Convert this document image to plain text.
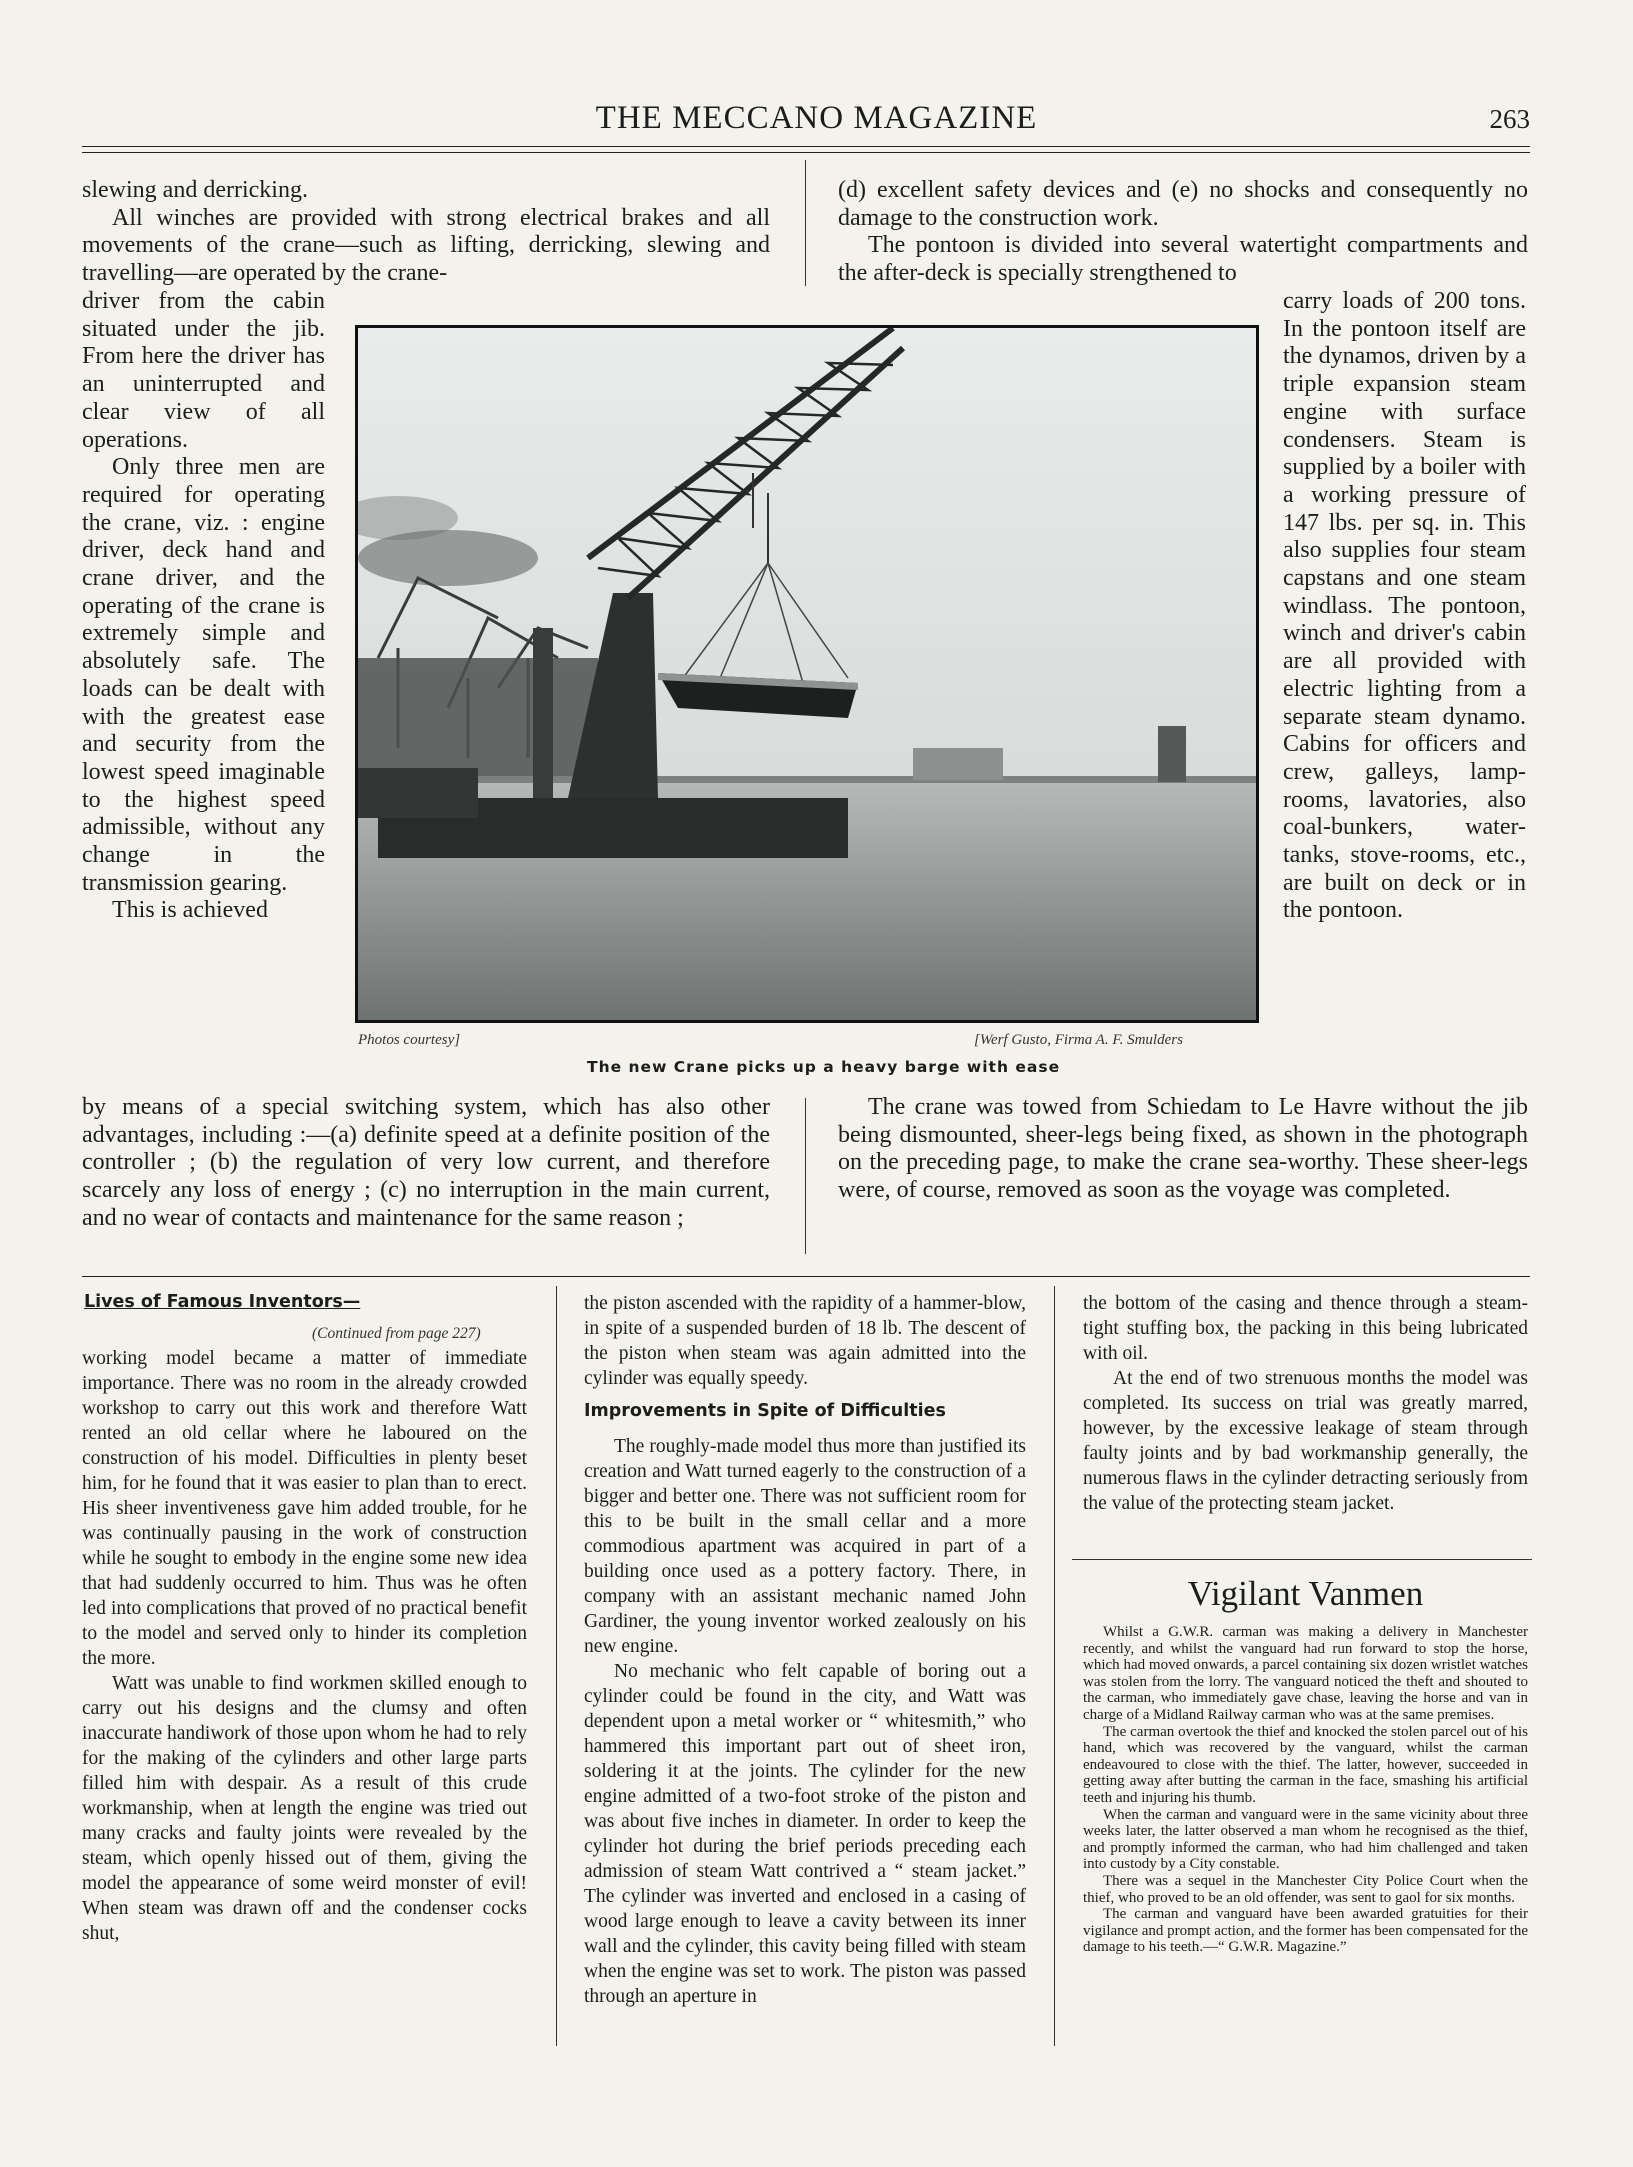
THE MECCANO MAGAZINE	263

slewing and derricking.

All winches are provided with strong electrical brakes and all movements of the crane—such as lifting, derricking, slewing and travelling—are operated by the crane-

(d) excellent safety devices and (e) no shocks and consequently no damage to the construction work.

The pontoon is divided into several watertight compartments and the after-deck is specially strengthened to

driver from the cabin situated under the jib. From here the driver has an uninterrupted and clear view of all operations.

Only three men are required for operating the crane, viz. : engine driver, deck hand and crane driver, and the operating of the crane is extremely simple and absolutely safe. The loads can be dealt with with the greatest ease and security from the lowest speed imaginable to the highest speed admissible, without any change in the transmission gearing.

This is achieved

carry loads of 200 tons. In the pontoon itself are the dynamos, driven by a triple expansion steam engine with surface condensers. Steam is supplied by a boiler with a working pressure of 147 lbs. per sq. in. This also supplies four steam capstans and one steam windlass. The pontoon, winch and driver's cabin are all provided with electric lighting from a separate steam dynamo. Cabins for officers and crew, galleys, lamp-rooms, lavatories, also coal-bunkers, water-tanks, stove-rooms, etc., are built on deck or in the pontoon.

Photos courtesy]	[Werf Gusto, Firma A. F. Smulders
The new Crane picks up a heavy barge with ease

by means of a special switching system, which has also other advantages, including :—(a) definite speed at a definite position of the controller ; (b) the regulation of very low current, and therefore scarcely any loss of energy ; (c) no interruption in the main current, and no wear of contacts and maintenance for the same reason ;

The crane was towed from Schiedam to Le Havre without the jib being dismounted, sheer-legs being fixed, as shown in the photograph on the preceding page, to make the crane sea-worthy. These sheer-legs were, of course, removed as soon as the voyage was completed.

Lives of Famous Inventors—
(Continued from page 227)

working model became a matter of immediate importance. There was no room in the already crowded workshop to carry out this work and therefore Watt rented an old cellar where he laboured on the construction of his model. Difficulties in plenty beset him, for he found that it was easier to plan than to erect. His sheer inventiveness gave him added trouble, for he was continually pausing in the work of construction while he sought to embody in the engine some new idea that had suddenly occurred to him. Thus was he often led into complications that proved of no practical benefit to the model and served only to hinder its completion the more.

Watt was unable to find workmen skilled enough to carry out his designs and the clumsy and often inaccurate handiwork of those upon whom he had to rely for the making of the cylinders and other large parts filled him with despair. As a result of this crude workmanship, when at length the engine was tried out many cracks and faulty joints were revealed by the steam, which openly hissed out of them, giving the model the appearance of some weird monster of evil! When steam was drawn off and the condenser cocks shut,

the piston ascended with the rapidity of a hammer-blow, in spite of a suspended burden of 18 lb. The descent of the piston when steam was again admitted into the cylinder was equally speedy.

Improvements in Spite of Difficulties

The roughly-made model thus more than justified its creation and Watt turned eagerly to the construction of a bigger and better one. There was not sufficient room for this to be built in the small cellar and a more commodious apartment was acquired in part of a building once used as a pottery factory. There, in company with an assistant mechanic named John Gardiner, the young inventor worked zealously on his new engine.

No mechanic who felt capable of boring out a cylinder could be found in the city, and Watt was dependent upon a metal worker or “ whitesmith,” who hammered this important part out of sheet iron, soldering it at the joints. The cylinder for the new engine admitted of a two-foot stroke of the piston and was about five inches in diameter. In order to keep the cylinder hot during the brief periods preceding each admission of steam Watt contrived a “ steam jacket.” The cylinder was inverted and enclosed in a casing of wood large enough to leave a cavity between its inner wall and the cylinder, this cavity being filled with steam when the engine was set to work. The piston was passed through an aperture in

the bottom of the casing and thence through a steam-tight stuffing box, the packing in this being lubricated with oil.

At the end of two strenuous months the model was completed. Its success on trial was greatly marred, however, by the excessive leakage of steam through faulty joints and by bad workmanship generally, the numerous flaws in the cylinder detracting seriously from the value of the protecting steam jacket.

Vigilant Vanmen

Whilst a G.W.R. carman was making a delivery in Manchester recently, and whilst the vanguard had run forward to stop the horse, which had moved onwards, a parcel containing six dozen wristlet watches was stolen from the lorry. The vanguard noticed the theft and shouted to the carman, who immediately gave chase, leaving the horse and van in charge of a Midland Railway carman who was at the same premises.

The carman overtook the thief and knocked the stolen parcel out of his hand, which was recovered by the vanguard, whilst the carman endeavoured to close with the thief. The latter, however, succeeded in getting away after butting the carman in the face, smashing his artificial teeth and injuring his thumb.

When the carman and vanguard were in the same vicinity about three weeks later, the latter observed a man whom he recognised as the thief, and promptly informed the carman, who had him challenged and taken into custody by a City constable.

There was a sequel in the Manchester City Police Court when the thief, who proved to be an old offender, was sent to gaol for six months.

The carman and vanguard have been awarded gratuities for their vigilance and prompt action, and the former has been compensated for the damage to his teeth.—“ G.W.R. Magazine.”
